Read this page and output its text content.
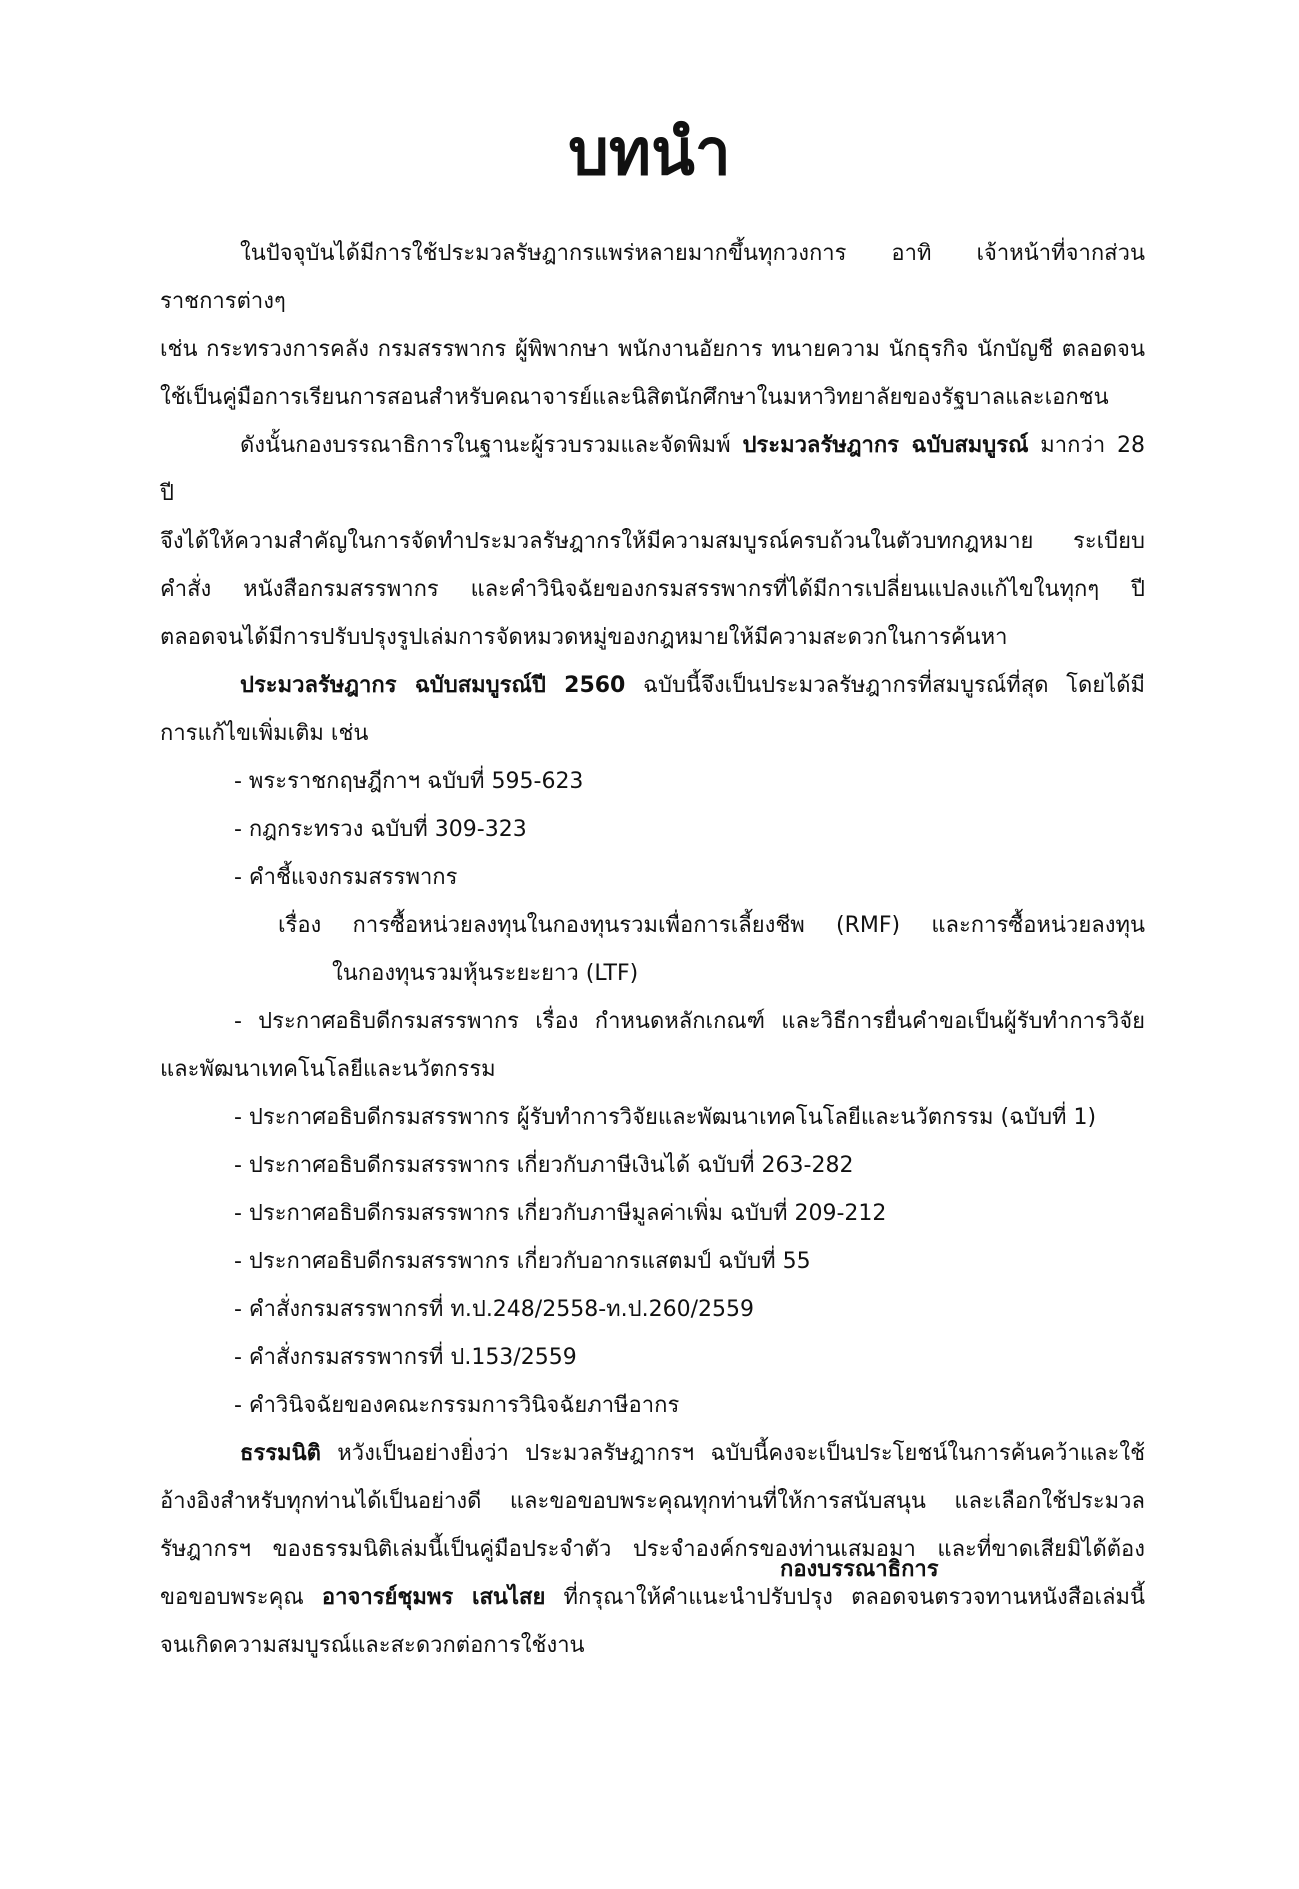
บทนำ

ในปัจจุบันได้มีการใช้ประมวลรัษฎากรแพร่หลายมากขึ้นทุกวงการ อาทิ เจ้าหน้าที่จากส่วนราชการต่างๆ

เช่น กระทรวงการคลัง กรมสรรพากร ผู้พิพากษา พนักงานอัยการ ทนายความ นักธุรกิจ นักบัญชี ตลอดจน

ใช้เป็นคู่มือการเรียนการสอนสำหรับคณาจารย์และนิสิตนักศึกษาในมหาวิทยาลัยของรัฐบาลและเอกชน

ดังนั้นกองบรรณาธิการในฐานะผู้รวบรวมและจัดพิมพ์ ประมวลรัษฎากร ฉบับสมบูรณ์ มากว่า 28 ปี

จึงได้ให้ความสำคัญในการจัดทำประมวลรัษฎากรให้มีความสมบูรณ์ครบถ้วนในตัวบทกฎหมาย ระเบียบ

คำสั่ง หนังสือกรมสรรพากร และคำวินิจฉัยของกรมสรรพากรที่ได้มีการเปลี่ยนแปลงแก้ไขในทุกๆ ปี

ตลอดจนได้มีการปรับปรุงรูปเล่มการจัดหมวดหมู่ของกฎหมายให้มีความสะดวกในการค้นหา

ประมวลรัษฎากร ฉบับสมบูรณ์ปี 2560 ฉบับนี้จึงเป็นประมวลรัษฎากรที่สมบูรณ์ที่สุด โดยได้มี

การแก้ไขเพิ่มเติม เช่น

- พระราชกฤษฎีกาฯ ฉบับที่ 595-623

- กฎกระทรวง ฉบับที่ 309-323

- คำชี้แจงกรมสรรพากร

เรื่อง การซื้อหน่วยลงทุนในกองทุนรวมเพื่อการเลี้ยงชีพ (RMF) และการซื้อหน่วยลงทุน

ในกองทุนรวมหุ้นระยะยาว (LTF)

- ประกาศอธิบดีกรมสรรพากร เรื่อง กำหนดหลักเกณฑ์ และวิธีการยื่นคำขอเป็นผู้รับทำการวิจัย

และพัฒนาเทคโนโลยีและนวัตกรรม

- ประกาศอธิบดีกรมสรรพากร ผู้รับทำการวิจัยและพัฒนาเทคโนโลยีและนวัตกรรม (ฉบับที่ 1)

- ประกาศอธิบดีกรมสรรพากร เกี่ยวกับภาษีเงินได้ ฉบับที่ 263-282

- ประกาศอธิบดีกรมสรรพากร เกี่ยวกับภาษีมูลค่าเพิ่ม ฉบับที่ 209-212

- ประกาศอธิบดีกรมสรรพากร เกี่ยวกับอากรแสตมป์ ฉบับที่ 55

- คำสั่งกรมสรรพากรที่ ท.ป.248/2558-ท.ป.260/2559

- คำสั่งกรมสรรพากรที่ ป.153/2559

- คำวินิจฉัยของคณะกรรมการวินิจฉัยภาษีอากร

ธรรมนิติ หวังเป็นอย่างยิ่งว่า ประมวลรัษฎากรฯ ฉบับนี้คงจะเป็นประโยชน์ในการค้นคว้าและใช้

อ้างอิงสำหรับทุกท่านได้เป็นอย่างดี และขอขอบพระคุณทุกท่านที่ให้การสนับสนุน และเลือกใช้ประมวล

รัษฎากรฯ ของธรรมนิติเล่มนี้เป็นคู่มือประจำตัว ประจำองค์กรของท่านเสมอมา และที่ขาดเสียมิได้ต้อง

ขอขอบพระคุณ อาจารย์ชุมพร เสนไสย ที่กรุณาให้คำแนะนำปรับปรุง ตลอดจนตรวจทานหนังสือเล่มนี้

จนเกิดความสมบูรณ์และสะดวกต่อการใช้งาน

กองบรรณาธิการ
